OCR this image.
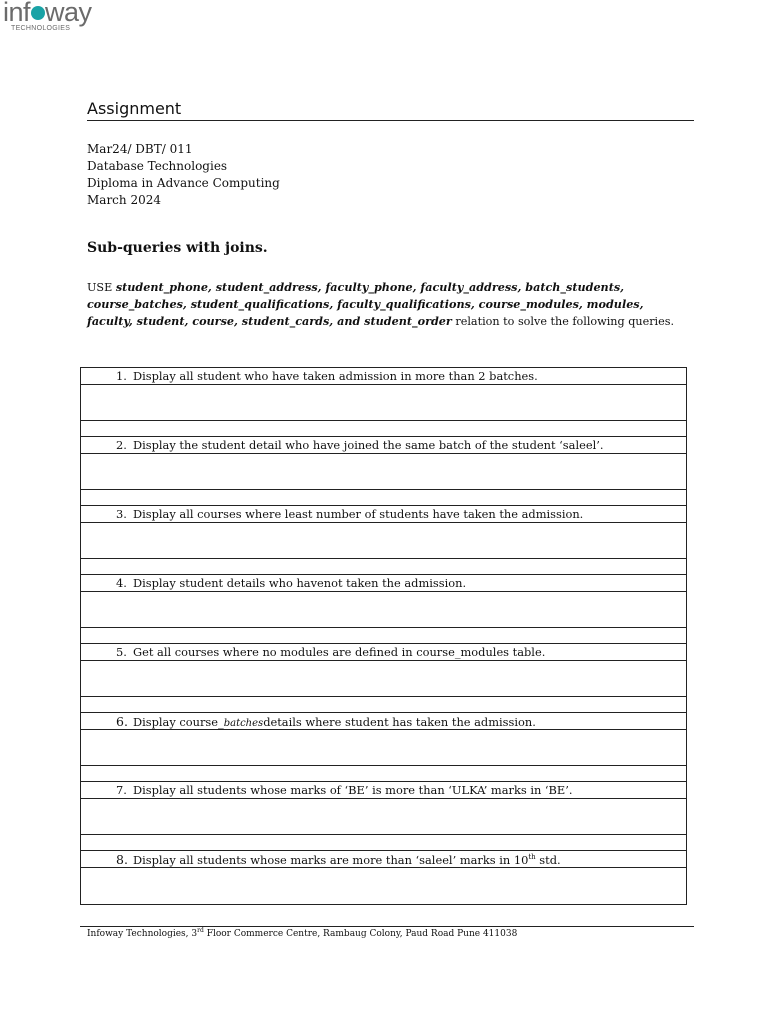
inf way
TECHNOLOGIES
Assignment
Mar24/ DBT/ 011
Database Technologies
Diploma in Advance Computing
March 2024
Sub-queries with joins.
USE student_phone, student_address, faculty_phone, faculty_address, batch_students, course_batches, student_qualifications, faculty_qualifications, course_modules, modules, faculty, student, course, student_cards, and student_order relation to solve the following queries.
1. Display all student who have taken admission in more than 2 batches.
2. Display the student detail who have joined the same batch of the student ‘saleel’.
3. Display all courses where least number of students have taken the admission.
4. Display student details who havenot taken the admission.
5. Get all courses where no modules are defined in course_modules table.
6. Display course_batchesdetails where student has taken the admission.
7. Display all students whose marks of ‘BE’ is more than ‘ULKA’ marks in ‘BE’.
8. Display all students whose marks are more than ‘saleel’ marks in 10th std.
Infoway Technologies, 3rd Floor Commerce Centre, Rambaug Colony, Paud Road Pune 411038
